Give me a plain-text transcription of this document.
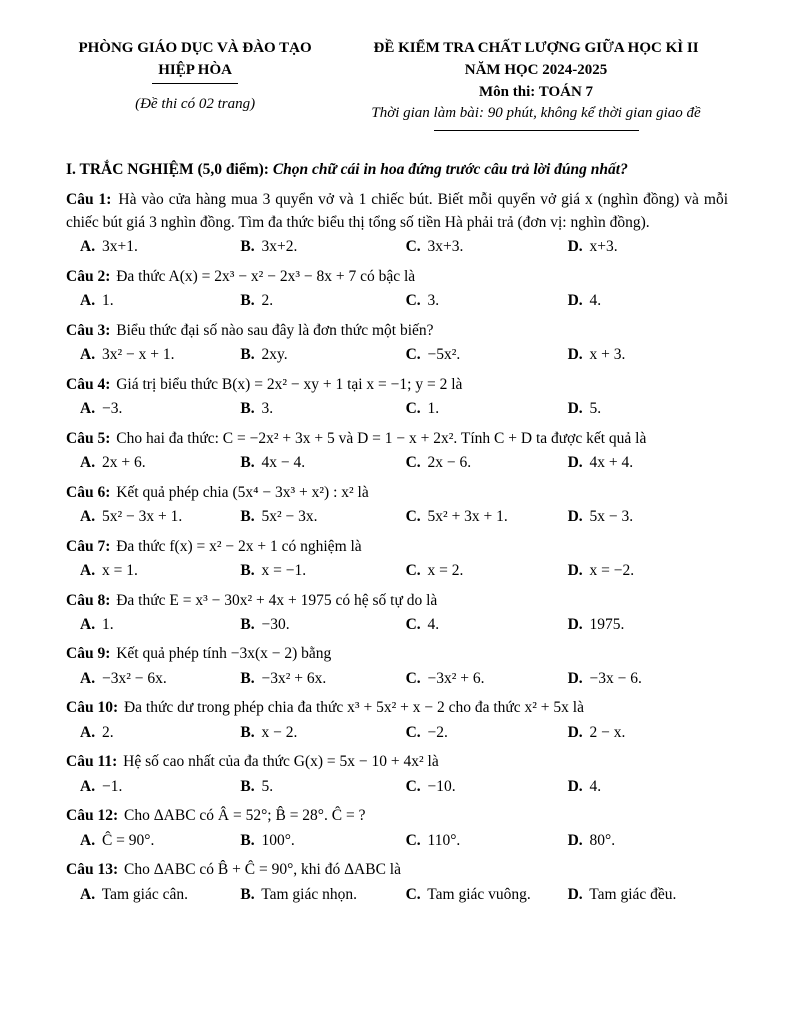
PHÒNG GIÁO DỤC VÀ ĐÀO TẠO
HIỆP HÒA
(Đề thi có 02 trang)
ĐỀ KIỂM TRA CHẤT LƯỢNG GIỮA HỌC KÌ II
NĂM HỌC 2024-2025
Môn thi: TOÁN 7
Thời gian làm bài: 90 phút, không kể thời gian giao đề
I. TRẮC NGHIỆM (5,0 điểm): Chọn chữ cái in hoa đứng trước câu trả lời đúng nhất?
Câu 1: Hà vào cửa hàng mua 3 quyển vở và 1 chiếc bút. Biết mỗi quyển vở giá x (nghìn đồng) và mỗi chiếc bút giá 3 nghìn đồng. Tìm đa thức biểu thị tổng số tiền Hà phải trả (đơn vị: nghìn đồng).
A. 3x+1.	B. 3x+2.	C. 3x+3.	D. x+3.
Câu 2: Đa thức A(x) = 2x³ − x² − 2x³ − 8x + 7 có bậc là
A. 1.	B. 2.	C. 3.	D. 4.
Câu 3: Biểu thức đại số nào sau đây là đơn thức một biến?
A. 3x² − x + 1.	B. 2xy.	C. −5x².	D. x + 3.
Câu 4: Giá trị biểu thức B(x) = 2x² − xy + 1 tại x = −1; y = 2 là
A. −3.	B. 3.	C. 1.	D. 5.
Câu 5: Cho hai đa thức: C = −2x² + 3x + 5 và D = 1 − x + 2x². Tính C + D ta được kết quả là
A. 2x + 6.	B. 4x − 4.	C. 2x − 6.	D. 4x + 4.
Câu 6: Kết quả phép chia (5x⁴ − 3x³ + x²) : x² là
A. 5x² − 3x + 1.	B. 5x² − 3x.	C. 5x² + 3x + 1.	D. 5x − 3.
Câu 7: Đa thức f(x) = x² − 2x + 1 có nghiệm là
A. x = 1.	B. x = −1.	C. x = 2.	D. x = −2.
Câu 8: Đa thức E = x³ − 30x² + 4x + 1975 có hệ số tự do là
A. 1.	B. −30.	C. 4.	D. 1975.
Câu 9: Kết quả phép tính −3x(x − 2) bằng
A. −3x² − 6x.	B. −3x² + 6x.	C. −3x² + 6.	D. −3x − 6.
Câu 10: Đa thức dư trong phép chia đa thức x³ + 5x² + x − 2 cho đa thức x² + 5x là
A. 2.	B. x − 2.	C. −2.	D. 2 − x.
Câu 11: Hệ số cao nhất của đa thức G(x) = 5x − 10 + 4x² là
A. −1.	B. 5.	C. −10.	D. 4.
Câu 12: Cho ΔABC có Â = 52°; B̂ = 28°. Ĉ = ?
A. Ĉ = 90°.	B. 100°.	C. 110°.	D. 80°.
Câu 13: Cho ΔABC có B̂ + Ĉ = 90°, khi đó ΔABC là
A. Tam giác cân.	B. Tam giác nhọn.	C. Tam giác vuông.	D. Tam giác đều.
